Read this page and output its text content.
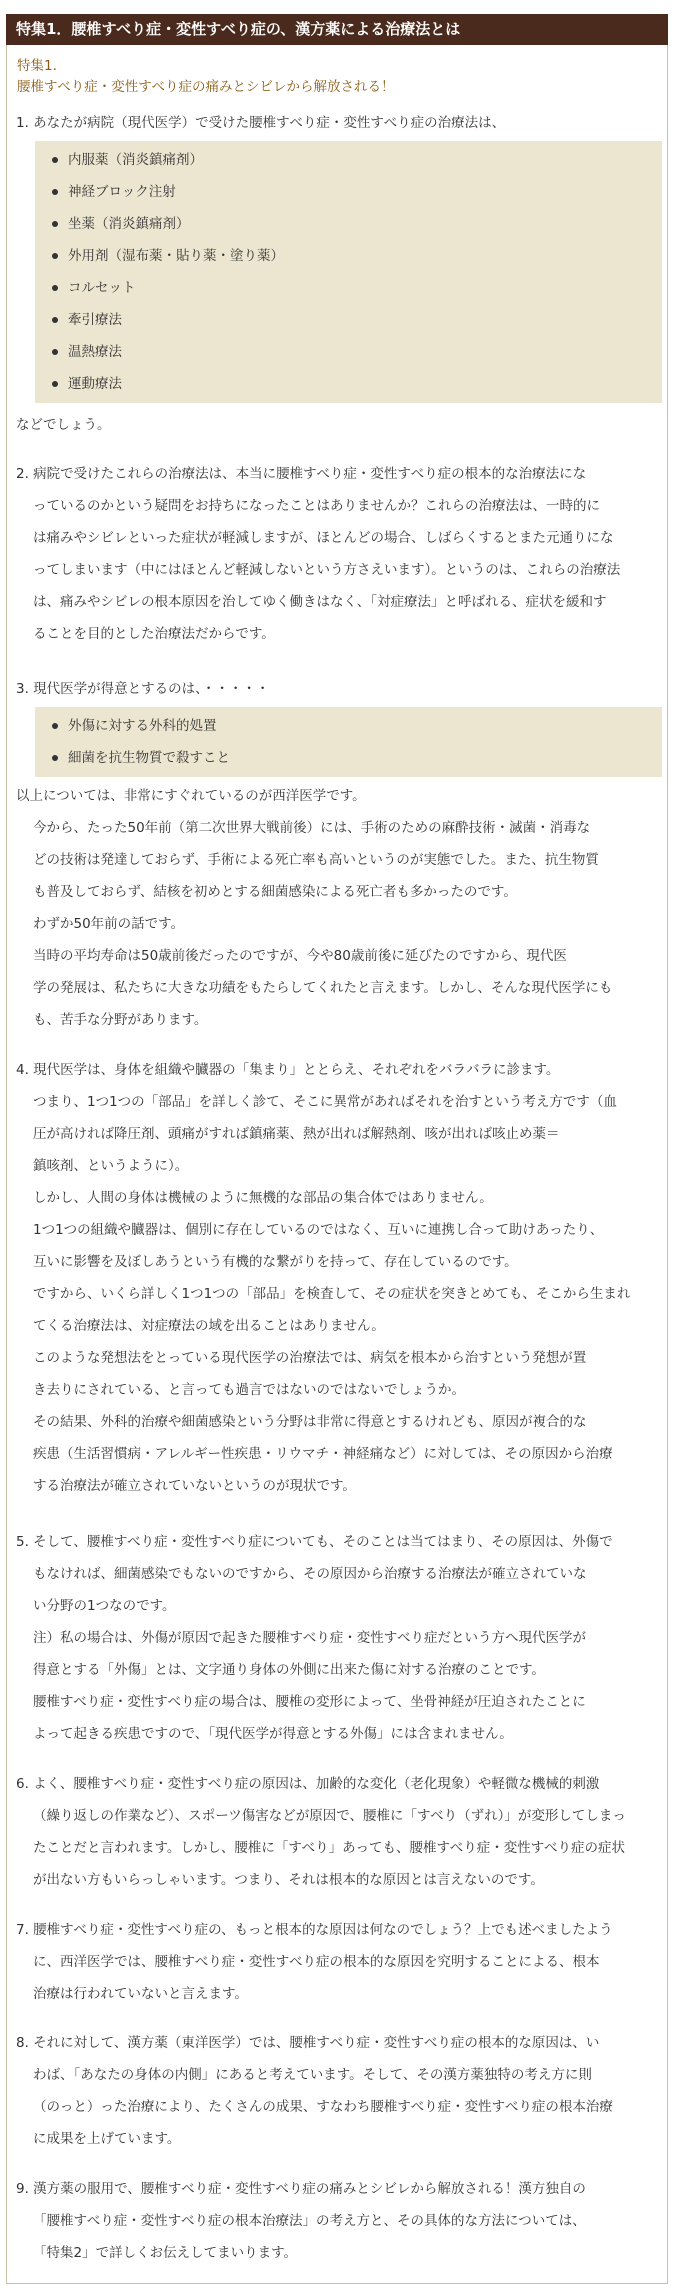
特集1．腰椎すべり症・変性すべり症の、漢方薬による治療法とは
特集1.
腰椎すべり症・変性すべり症の痛みとシビレから解放される！
1. あなたが病院（現代医学）で受けた腰椎すべり症・変性すべり症の治療法は、
内服薬（消炎鎮痛剤）
神経ブロック注射
坐薬（消炎鎮痛剤）
外用剤（湿布薬・貼り薬・塗り薬）
コルセット
牽引療法
温熱療法
運動療法
などでしょう。
2. 病院で受けたこれらの治療法は、本当に腰椎すべり症・変性すべり症の根本的な治療法にな
っているのかという疑問をお持ちになったことはありませんか？これらの治療法は、一時的に
は痛みやシビレといった症状が軽減しますが、ほとんどの場合、しばらくするとまた元通りにな
ってしまいます（中にはほとんど軽減しないという方さえいます）。というのは、これらの治療法
は、痛みやシビレの根本原因を治してゆく働きはなく、「対症療法」と呼ばれる、症状を緩和す
ることを目的とした治療法だからです。
3. 現代医学が得意とするのは、・・・・・
外傷に対する外科的処置
細菌を抗生物質で殺すこと
以上については、非常にすぐれているのが西洋医学です。
今から、たった50年前（第二次世界大戦前後）には、手術のための麻酔技術・滅菌・消毒な
どの技術は発達しておらず、手術による死亡率も高いというのが実態でした。また、抗生物質
も普及しておらず、結核を初めとする細菌感染による死亡者も多かったのです。
わずか50年前の話です。
当時の平均寿命は50歳前後だったのですが、今や80歳前後に延びたのですから、現代医
学の発展は、私たちに大きな功績をもたらしてくれたと言えます。しかし、そんな現代医学にも
も、苦手な分野があります。
4. 現代医学は、身体を組織や臓器の「集まり」ととらえ、それぞれをバラバラに診ます。
つまり、1つ1つの「部品」を詳しく診て、そこに異常があればそれを治すという考え方です（血
圧が高ければ降圧剤、頭痛がすれば鎮痛薬、熱が出れば解熱剤、咳が出れば咳止め薬＝
鎮咳剤、というように）。
しかし、人間の身体は機械のように無機的な部品の集合体ではありません。
1つ1つの組織や臓器は、個別に存在しているのではなく、互いに連携し合って助けあったり、
互いに影響を及ぼしあうという有機的な繋がりを持って、存在しているのです。
ですから、いくら詳しく1つ1つの「部品」を検査して、その症状を突きとめても、そこから生まれ
てくる治療法は、対症療法の域を出ることはありません。
このような発想法をとっている現代医学の治療法では、病気を根本から治すという発想が置
き去りにされている、と言っても過言ではないのではないでしょうか。
その結果、外科的治療や細菌感染という分野は非常に得意とするけれども、原因が複合的な
疾患（生活習慣病・アレルギー性疾患・リウマチ・神経痛など）に対しては、その原因から治療
する治療法が確立されていないというのが現状です。
5. そして、腰椎すべり症・変性すべり症についても、そのことは当てはまり、その原因は、外傷で
もなければ、細菌感染でもないのですから、その原因から治療する治療法が確立されていな
い分野の1つなのです。
注）私の場合は、外傷が原因で起きた腰椎すべり症・変性すべり症だという方へ現代医学が
得意とする「外傷」とは、文字通り身体の外側に出来た傷に対する治療のことです。
腰椎すべり症・変性すべり症の場合は、腰椎の変形によって、坐骨神経が圧迫されたことに
よって起きる疾患ですので、「現代医学が得意とする外傷」には含まれません。
6. よく、腰椎すべり症・変性すべり症の原因は、加齢的な変化（老化現象）や軽微な機械的刺激
（繰り返しの作業など）、スポーツ傷害などが原因で、腰椎に「すべり（ずれ）」が変形してしまっ
たことだと言われます。しかし、腰椎に「すべり」あっても、腰椎すべり症・変性すべり症の症状
が出ない方もいらっしゃいます。つまり、それは根本的な原因とは言えないのです。
7. 腰椎すべり症・変性すべり症の、もっと根本的な原因は何なのでしょう？上でも述べましたよう
に、西洋医学では、腰椎すべり症・変性すべり症の根本的な原因を究明することによる、根本
治療は行われていないと言えます。
8. それに対して、漢方薬（東洋医学）では、腰椎すべり症・変性すべり症の根本的な原因は、い
わば、「あなたの身体の内側」にあると考えています。そして、その漢方薬独特の考え方に則
（のっと）った治療により、たくさんの成果、すなわち腰椎すべり症・変性すべり症の根本治療
に成果を上げています。
9. 漢方薬の服用で、腰椎すべり症・変性すべり症の痛みとシビレから解放される！漢方独自の
「腰椎すべり症・変性すべり症の根本治療法」の考え方と、その具体的な方法については、
「特集2」で詳しくお伝えしてまいります。
